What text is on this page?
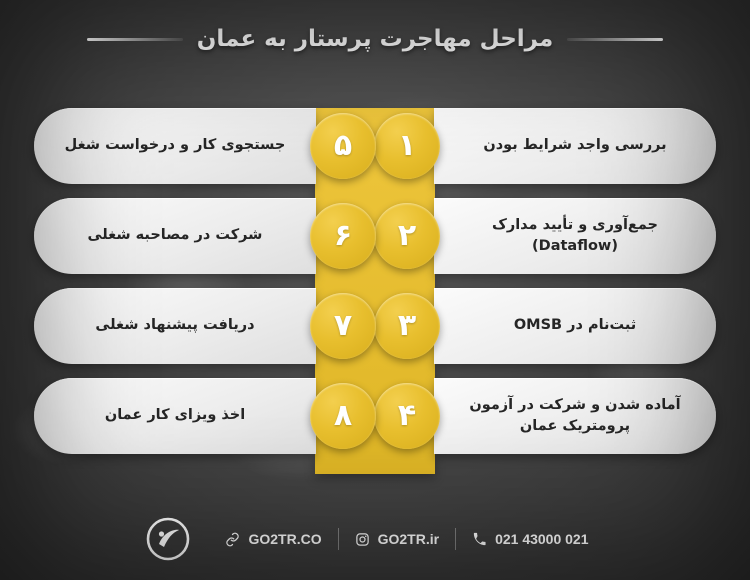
مراحل مهاجرت پرستار به عمان
بررسی واجد شرایط بودن
۱
جمع‌آوری و تأیید مدارک (Dataflow)
۲
ثبت‌نام در OMSB
۳
آماده شدن و شرکت در آزمون پرومتریک عمان
۴
۵
جستجوی کار و درخواست شغل
۶
شرکت در مصاحبه شغلی
۷
دریافت پیشنهاد شغلی
۸
اخذ ویزای کار عمان
GO2TR.CO	GO2TR.ir	021 43000 021
